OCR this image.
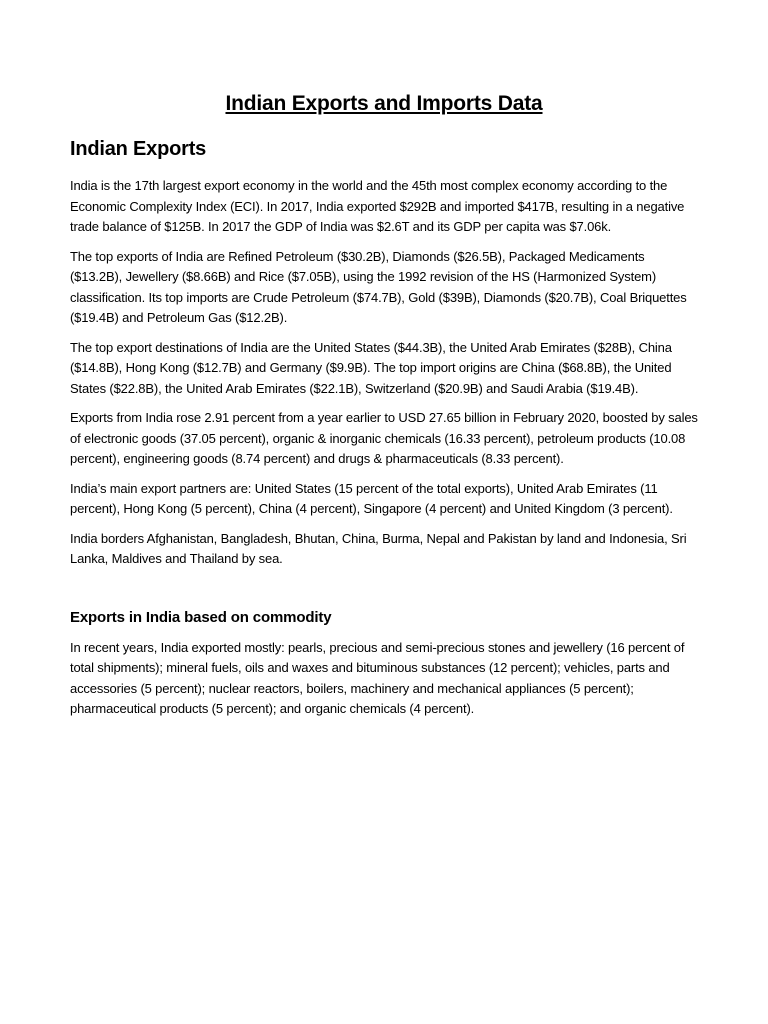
Indian Exports and Imports Data
Indian Exports

India is the 17th largest export economy in the world and the 45th most complex economy according to the Economic Complexity Index (ECI). In 2017, India exported $292B and imported $417B, resulting in a negative trade balance of $125B. In 2017 the GDP of India was $2.6T and its GDP per capita was $7.06k.

The top exports of India are Refined Petroleum ($30.2B), Diamonds ($26.5B), Packaged Medicaments ($13.2B), Jewellery ($8.66B) and Rice ($7.05B), using the 1992 revision of the HS (Harmonized System) classification. Its top imports are Crude Petroleum ($74.7B), Gold ($39B), Diamonds ($20.7B), Coal Briquettes ($19.4B) and Petroleum Gas ($12.2B).

The top export destinations of India are the United States ($44.3B), the United Arab Emirates ($28B), China ($14.8B), Hong Kong ($12.7B) and Germany ($9.9B). The top import origins are China ($68.8B), the United States ($22.8B), the United Arab Emirates ($22.1B), Switzerland ($20.9B) and Saudi Arabia ($19.4B).

Exports from India rose 2.91 percent from a year earlier to USD 27.65 billion in February 2020, boosted by sales of electronic goods (37.05 percent), organic & inorganic chemicals (16.33 percent), petroleum products (10.08 percent), engineering goods (8.74 percent) and drugs & pharmaceuticals (8.33 percent).

India’s main export partners are: United States (15 percent of the total exports), United Arab Emirates (11 percent), Hong Kong (5 percent), China (4 percent), Singapore (4 percent) and United Kingdom (3 percent).

India borders Afghanistan, Bangladesh, Bhutan, China, Burma, Nepal and Pakistan by land and Indonesia, Sri Lanka, Maldives and Thailand by sea.

Exports in India based on commodity

In recent years, India exported mostly: pearls, precious and semi-precious stones and jewellery (16 percent of total shipments); mineral fuels, oils and waxes and bituminous substances (12 percent); vehicles, parts and accessories (5 percent); nuclear reactors, boilers, machinery and mechanical appliances (5 percent); pharmaceutical products (5 percent); and organic chemicals (4 percent).
